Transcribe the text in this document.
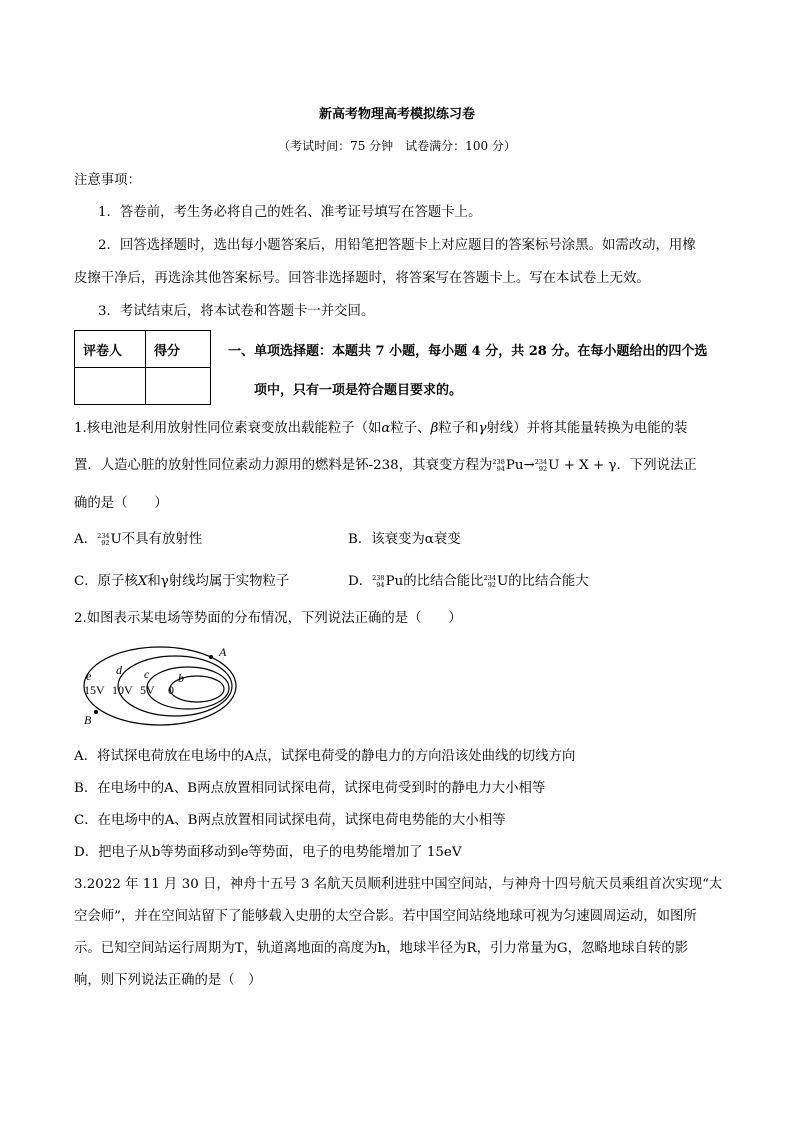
新高考物理高考模拟练习卷
（考试时间：75 分钟　试卷满分：100 分）
注意事项：
1．答卷前，考生务必将自己的姓名、准考证号填写在答题卡上。
2．回答选择题时，选出每小题答案后，用铅笔把答题卡上对应题目的答案标号涂黑。如需改动，用橡
皮擦干净后，再选涂其他答案标号。回答非选择题时，将答案写在答题卡上。写在本试卷上无效。
3．考试结束后，将本试卷和答题卡一并交回。
评卷人	得分
		一、单项选择题：本题共 7 小题，每小题 4 分，共 28 分。在每小题给出的四个选
项中，只有一项是符合题目要求的。
1.核电池是利用放射性同位素衰变放出载能粒子（如α粒子、β粒子和γ射线）并将其能量转换为电能的装
置．人造心脏的放射性同位素动力源用的燃料是钚-238，其衰变方程为 238
94 Pu→ 234
92 U + X + γ．下列说法正
确的是（　　）
A． 234
92 U不具有放射性	B．该衰变为α衰变
C．原子核X和γ射线均属于实物粒子	D． 238
94 Pu的比结合能比 234
92 U的比结合能大
2.如图表示某电场等势面的分布情况，下列说法正确的是（　　）
e d c b
A
B
15V 10V 5V 0
A．将试探电荷放在电场中的A点，试探电荷受的静电力的方向沿该处曲线的切线方向
B．在电场中的A、B两点放置相同试探电荷，试探电荷受到时的静电力大小相等
C．在电场中的A、B两点放置相同试探电荷，试探电荷电势能的大小相等
D．把电子从b等势面移动到e等势面，电子的电势能增加了 15eV
3.2022 年 11 月 30 日，神舟十五号 3 名航天员顺利进驻中国空间站，与神舟十四号航天员乘组首次实现“太
空会师”，并在空间站留下了能够载入史册的太空合影。若中国空间站绕地球可视为匀速圆周运动，如图所
示。已知空间站运行周期为T，轨道离地面的高度为h，地球半径为R，引力常量为G，忽略地球自转的影
响，则下列说法正确的是（　）
